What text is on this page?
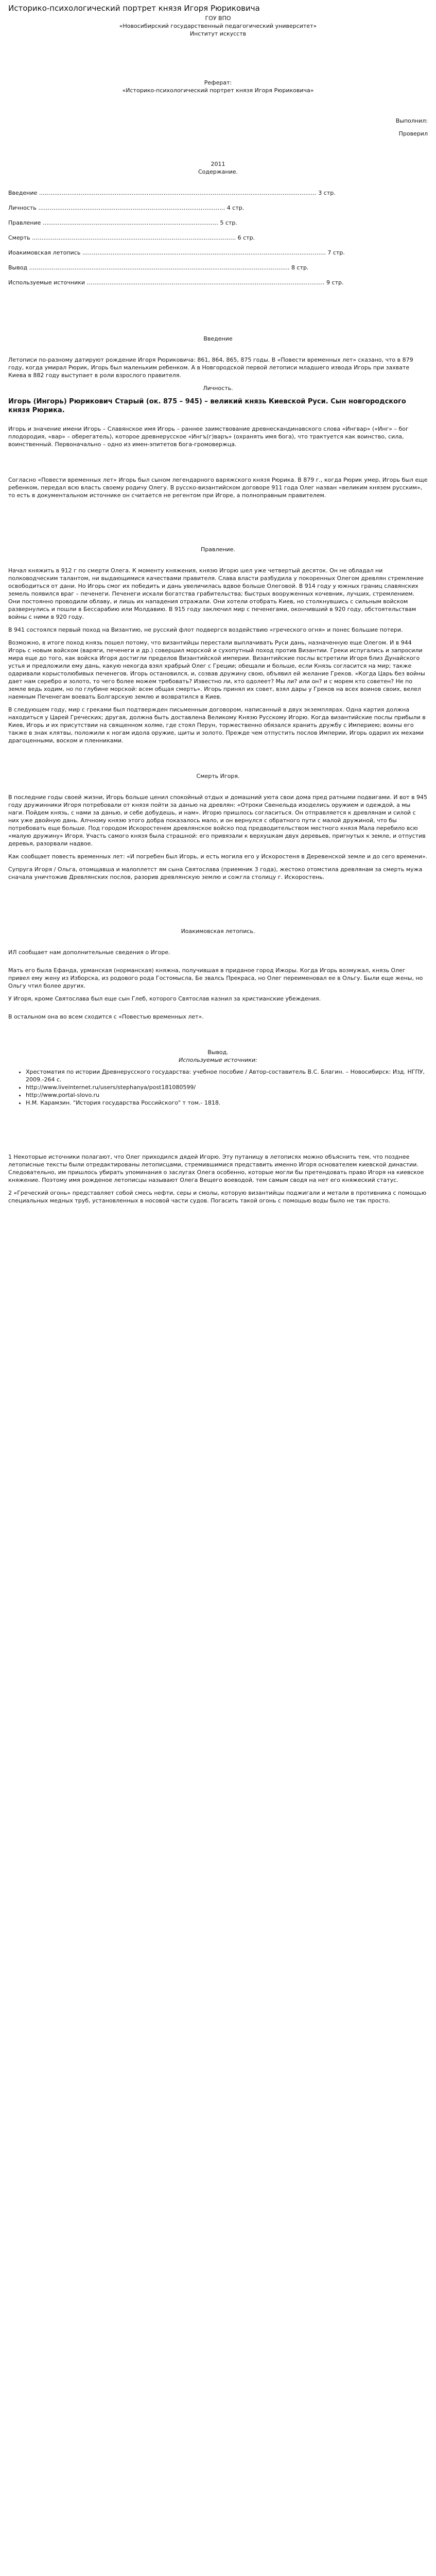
Историко-психологический портрет князя Игоря Рюриковича

ГОУ ВПО

«Новосибирский государственный педагогический университет»

Институт искусств

Реферат:

«Историко-психологический портрет князя Игоря Рюриковича»

Выполнил:

Проверил

2011

Содержание.

Введение ………………………………………………………………………………………………………………………………… 3 стр.

Личность ……………………………………………………………………………………… 4 стр.

Правление ………………………………………………………………………………… 5 стр.

Смерть ……………………………………………………………………………………………… 6 стр.

Иоакимовская летопись ………………………………………………………………………………………………………………… 7 стр.

Вывод ………………………………………………………………………………………………………………………… 8 стр.

Используемые источники ……………………………………………………………………………………………………………… 9 стр.

Введение

Летописи по-разному датируют рождение Игоря Рюриковича: 861, 864, 865, 875 годы. В «Повести временных лет» сказано, что в 879 году, когда умирал Рюрик, Игорь был маленьким ребенком. А в Новгородской первой летописи младшего извода Игорь при захвате Киева в 882 году выступает в роли взрослого правителя.

Личность.

Игорь (Ингорь) Рюрикович Старый (ок. 875 – 945) – великий князь Киевской Руси. Сын новгородского князя Рюрика.

Игорь и значение имени Игорь – Славянское имя Игорь – раннее заимствование древнескандинавского слова «Ингвар» («Инг» – бог плодородия, «вар» – оберегатель), которое древнерусское «Ингъ(г)варъ» (охранять имя бога), что трактуется как воинство, сила, воинственный. Первоначально – одно из имен-эпитетов бога-громовержца.

Согласно «Повести временных лет» Игорь был сыном легендарного варяжского князя Рюрика. В 879 г., когда Рюрик умер, Игорь был еще ребенком, передал всю власть своему родичу Олегу. В русско-византийском договоре 911 года Олег назван «великим князем русским», то есть в документальном источнике он считается не регентом при Игоре, а полноправным правителем.

Правление.

Начал княжить в 912 г по смерти Олега. К моменту княжения, князю Игорю шел уже четвертый десяток. Он не обладал ни полководческим талантом, ни выдающимися качествами правителя. Слава власти разбудила у покоренных Олегом древлян стремление освободиться от дани. Но Игорь смог их победить и дань увеличилась вдвое больше Олеговой. В 914 году у южных границ славянских земель появился враг – печенеги. Печенеги искали богатства грабительства; быстрых вооруженных кочевник, лучших, стремлением. Они постоянно проводили облаву, и лишь их нападения отражали. Они хотели отобрать Киев, но столкнувшись с сильным войском развернулись и пошли в Бессарабию или Молдавию. В 915 году заключил мир с печенегами, окончивший в 920 году, обстоятельствам войны с ними в 920 году.

В 941 состоялся первый поход на Византию, не русский флот подвергся воздействию «греческого огня» и понес большие потери.

Возможно, в итоге поход князь пошел потому, что византийцы перестали выплачивать Руси дань, назначенную еще Олегом. И в 944 Игорь с новым войском (варяги, печенеги и др.) совершил морской и сухопутный поход против Византии. Греки испугались и запросили мира еще до того, как войска Игоря достигли пределов Византийской империи. Византийские послы встретили Игоря близ Дунайского устья и предложили ему дань, какую некогда взял храбрый Олег с Греции; обещали и больше, если Князь согласится на мир; также одаривали корыстолюбивых печенегов. Игорь остановился, и, созвав дружину свою, объявил ей желание Греков. «Когда Царь без войны дает нам серебро и золото, то чего более можем требовать? Известно ли, кто одолеет? Мы ли? или он? и с морем кто советен? Не по земле ведь ходим, но по глубине морской: всем общая смерть». Игорь принял их совет, взял дары у Греков на всех воинов своих, велел наемным Печенегам воевать Болгарскую землю и возвратился в Киев.

В следующем году, мир с греками был подтвержден письменным договором, написанный в двух экземплярах. Одна картия должна находиться у Царей Греческих; другая, должна быть доставлена Великому Князю Русскому Игорю. Когда византийские послы прибыли в Киев, Игорь и их присутствии на священном холме, где стоял Перун, торжественно обязался хранить дружбу с Империею; воины его также в знак клятвы, положили к ногам идола оружие, щиты и золото. Прежде чем отпустить послов Империи, Игорь одарил их мехами драгоценными, воском и пленниками.

Смерть Игоря.

В последние годы своей жизни, Игорь больше ценил спокойный отдых и домашний уюта свои дома пред ратными подвигами. И вот в 945 году дружинники Игоря потребовали от князя пойти за данью на древлян: «Отроки Свенельда изоделись оружием и одеждой, а мы наги. Пойдем князь, с нами за данью, и себе добудешь, и нам». Игорю пришлось согласиться. Он отправляется к древлянам и силой с них уже двойную дань. Алчному князю этого добра показалось мало, и он вернулся с обратного пути с малой дружиной, что бы потребовать еще больше. Под городом Искоростенем древлянское войско под предводительством местного князя Мала перебило всю «малую дружину» Игоря. Участь самого князя была страшной: его привязали к верхушкам двух деревьев, пригнутых к земле, и отпустив деревья, разорвали надвое.

Как сообщает повесть временных лет: «И погребен был Игорь, и есть могила его у Искоростеня в Деревенской земле и до сего времени».

Супруга Игоря / Ольга, отомщавша и малоплетст ям сына Святослава (приемник 3 года), жестоко отомстила древлянам за смерть мужа сначала уничтожив Древлянских послов, разорив древлянскую землю и сожгла столицу г. Искоростень.

Иоакимовская летопись.

ИЛ сообщает нам дополнительные сведения о Игоре.

Мать его была Ефанда, урманская (норманская) княжна, получившая в приданое город Ижоры. Когда Игорь возмужал, князь Олег привел ему жену из Изборска, из родового рода Гостомысла, Бе звалсь Прекраса, но Олег переименовал ее в Ольгу. Были еще жены, но Ольгу чтил более других.

У Игоря, кроме Святослава был еще сын Глеб, которого Святослав казнил за христианские убеждения.

В остальном она во всем сходится с «Повестью временных лет».

Вывод.

Используемые источники:

• Хрестоматия по истории Древнерусского государства: учебное пособие / Автор-составитель В.С. Благин. – Новосибирск: Изд. НГПУ, 2009.-264 с.
• http://www.liveinternet.ru/users/stephanya/post181080599/
• http://www.portal-slovo.ru
• Н.М. Карамзин. "История государства Российского" т том.- 1818.

1 Некоторые источники полагают, что Олег приходился дядей Игорю. Эту путаницу в летописях можно объяснить тем, что позднее летописные тексты были отредактированы летописцами, стремившимися представить именно Игоря основателем киевской династии. Следовательно, им пришлось убирать упоминания о заслугах Олега особенно, которые могли бы претендовать право Игоря на киевское княжение. Поэтому имя рожденое летописцы называют Олега Вещего воеводой, тем самым сводя на нет его княжеский статус.

2 «Греческий огонь» представляет собой смесь нефти, серы и смолы, которую византийцы поджигали и метали в противника с помощью специальных медных труб, установленных в носовой части судов. Погасить такой огонь с помощью воды было не так просто.
